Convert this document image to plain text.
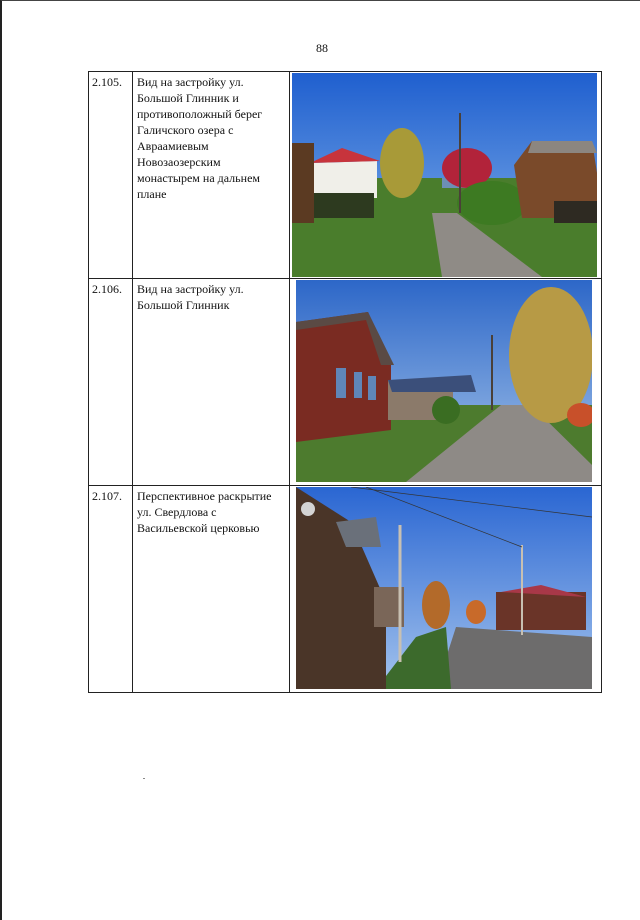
88
2.105.	Вид на застройку ул. Большой Глинник и противоположный берег Галичского озера с Авраамиевым Новозаозерским монастырем на дальнем плане	

2.106.	Вид на застройку ул. Большой Глинник	

2.107.	Перспективное раскрытие ул. Свердлова с Васильевской церковью	
